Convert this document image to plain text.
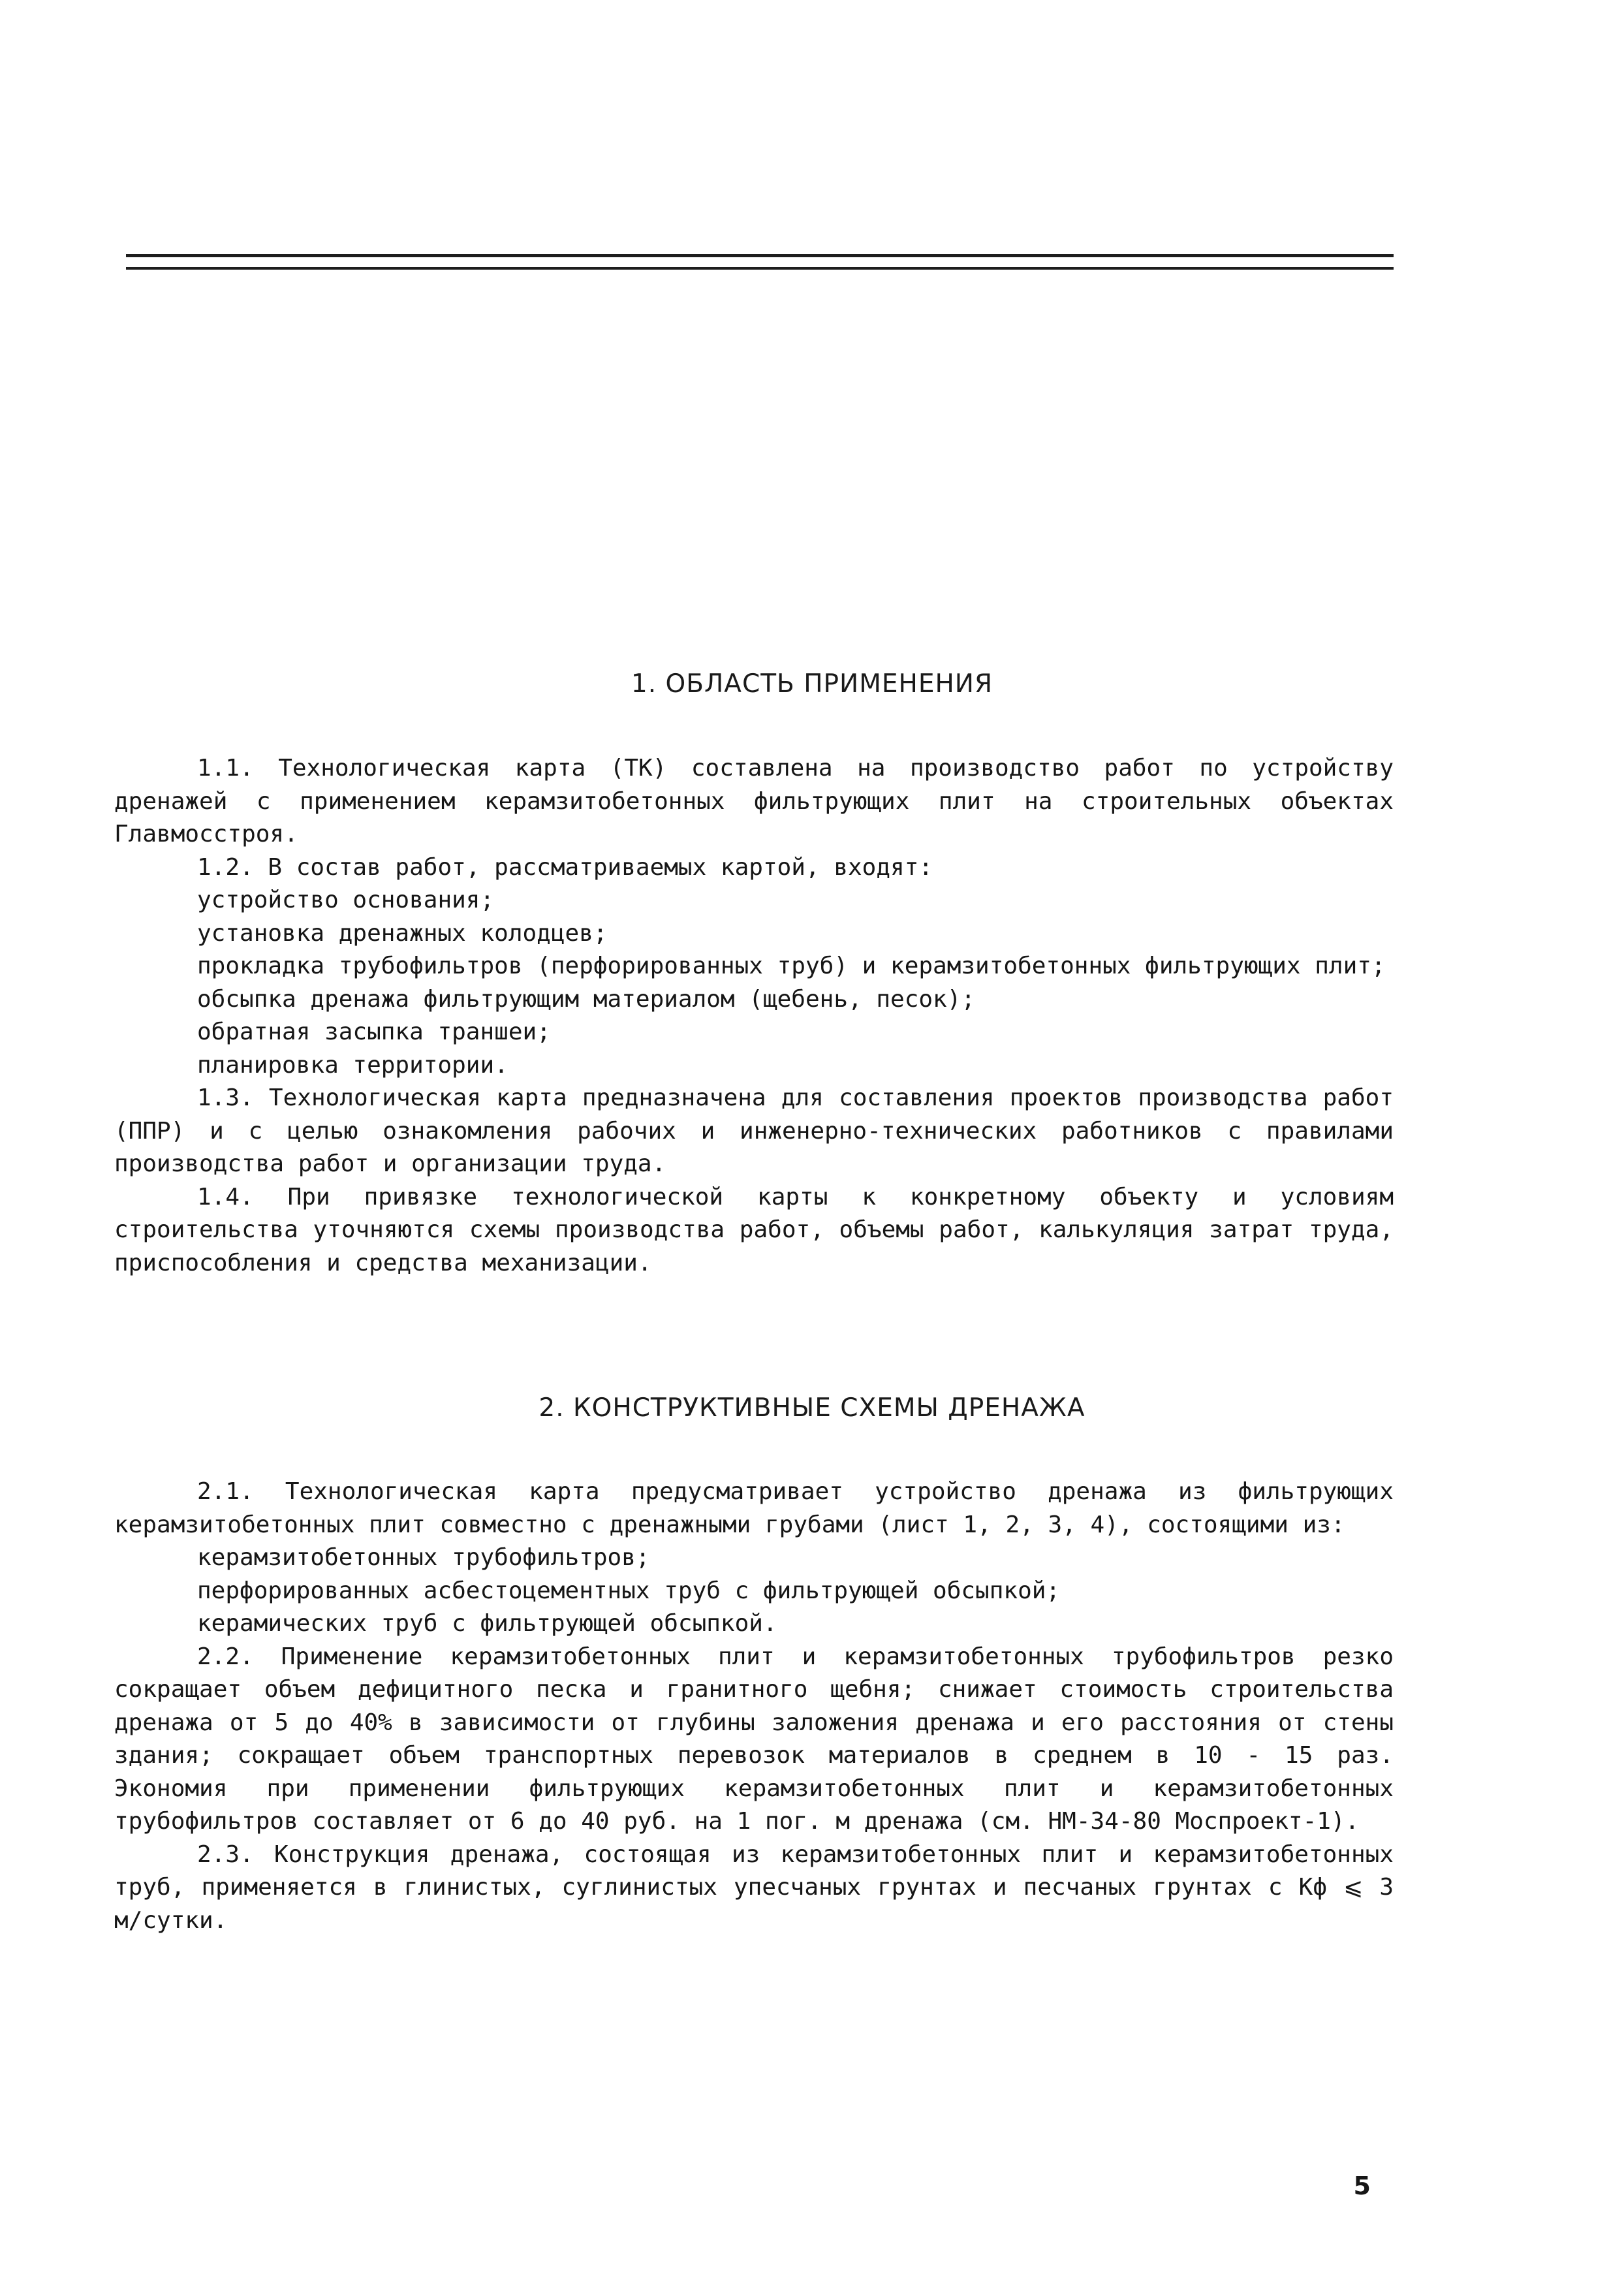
1. ОБЛАСТЬ ПРИМЕНЕНИЯ

1.1. Технологическая карта (ТК) составлена на производство работ по устройству дренажей с применением керамзитобетонных фильтрующих плит на строительных объектах Главмосстроя.

1.2. В состав работ, рассматриваемых картой, входят:

устройство основания;

установка дренажных колодцев;

прокладка трубофильтров (перфорированных труб) и керамзитобетонных фильтрующих плит;

обсыпка дренажа фильтрующим материалом (щебень, песок);

обратная засыпка траншеи;

планировка территории.

1.3. Технологическая карта предназначена для составления проектов производства работ (ППР) и с целью ознакомления рабочих и инженерно-технических работников с правилами производства работ и организации труда.

1.4. При привязке технологической карты к конкретному объекту и условиям строительства уточняются схемы производства работ, объемы работ, калькуляция затрат труда, приспособления и средства механизации.

2. КОНСТРУКТИВНЫЕ СХЕМЫ ДРЕНАЖА

2.1. Технологическая карта предусматривает устройство дренажа из фильтрующих керамзитобетонных плит совместно с дренажными грубами (лист 1, 2, 3, 4), состоящими из:

керамзитобетонных трубофильтров;

перфорированных асбестоцементных труб с фильтрующей обсыпкой;

керамических труб с фильтрующей обсыпкой.

2.2. Применение керамзитобетонных плит и керамзитобетонных трубофильтров резко сокращает объем дефицитного песка и гранитного щебня; снижает стоимость строительства дренажа от 5 до 40% в зависимости от глубины заложения дренажа и его расстояния от стены здания; сокращает объем транспортных перевозок материалов в среднем в 10 - 15 раз. Экономия при применении фильтрующих керамзитобетонных плит и керамзитобетонных трубофильтров составляет от 6 до 40 руб. на 1 пог. м дренажа (см. НМ-34-80 Моспроект-1).

2.3. Конструкция дренажа, состоящая из керамзитобетонных плит и керамзитобетонных труб, применяется в глинистых, суглинистых упесчаных грунтах и песчаных грунтах с Кф ⩽ 3 м/сутки.

5
